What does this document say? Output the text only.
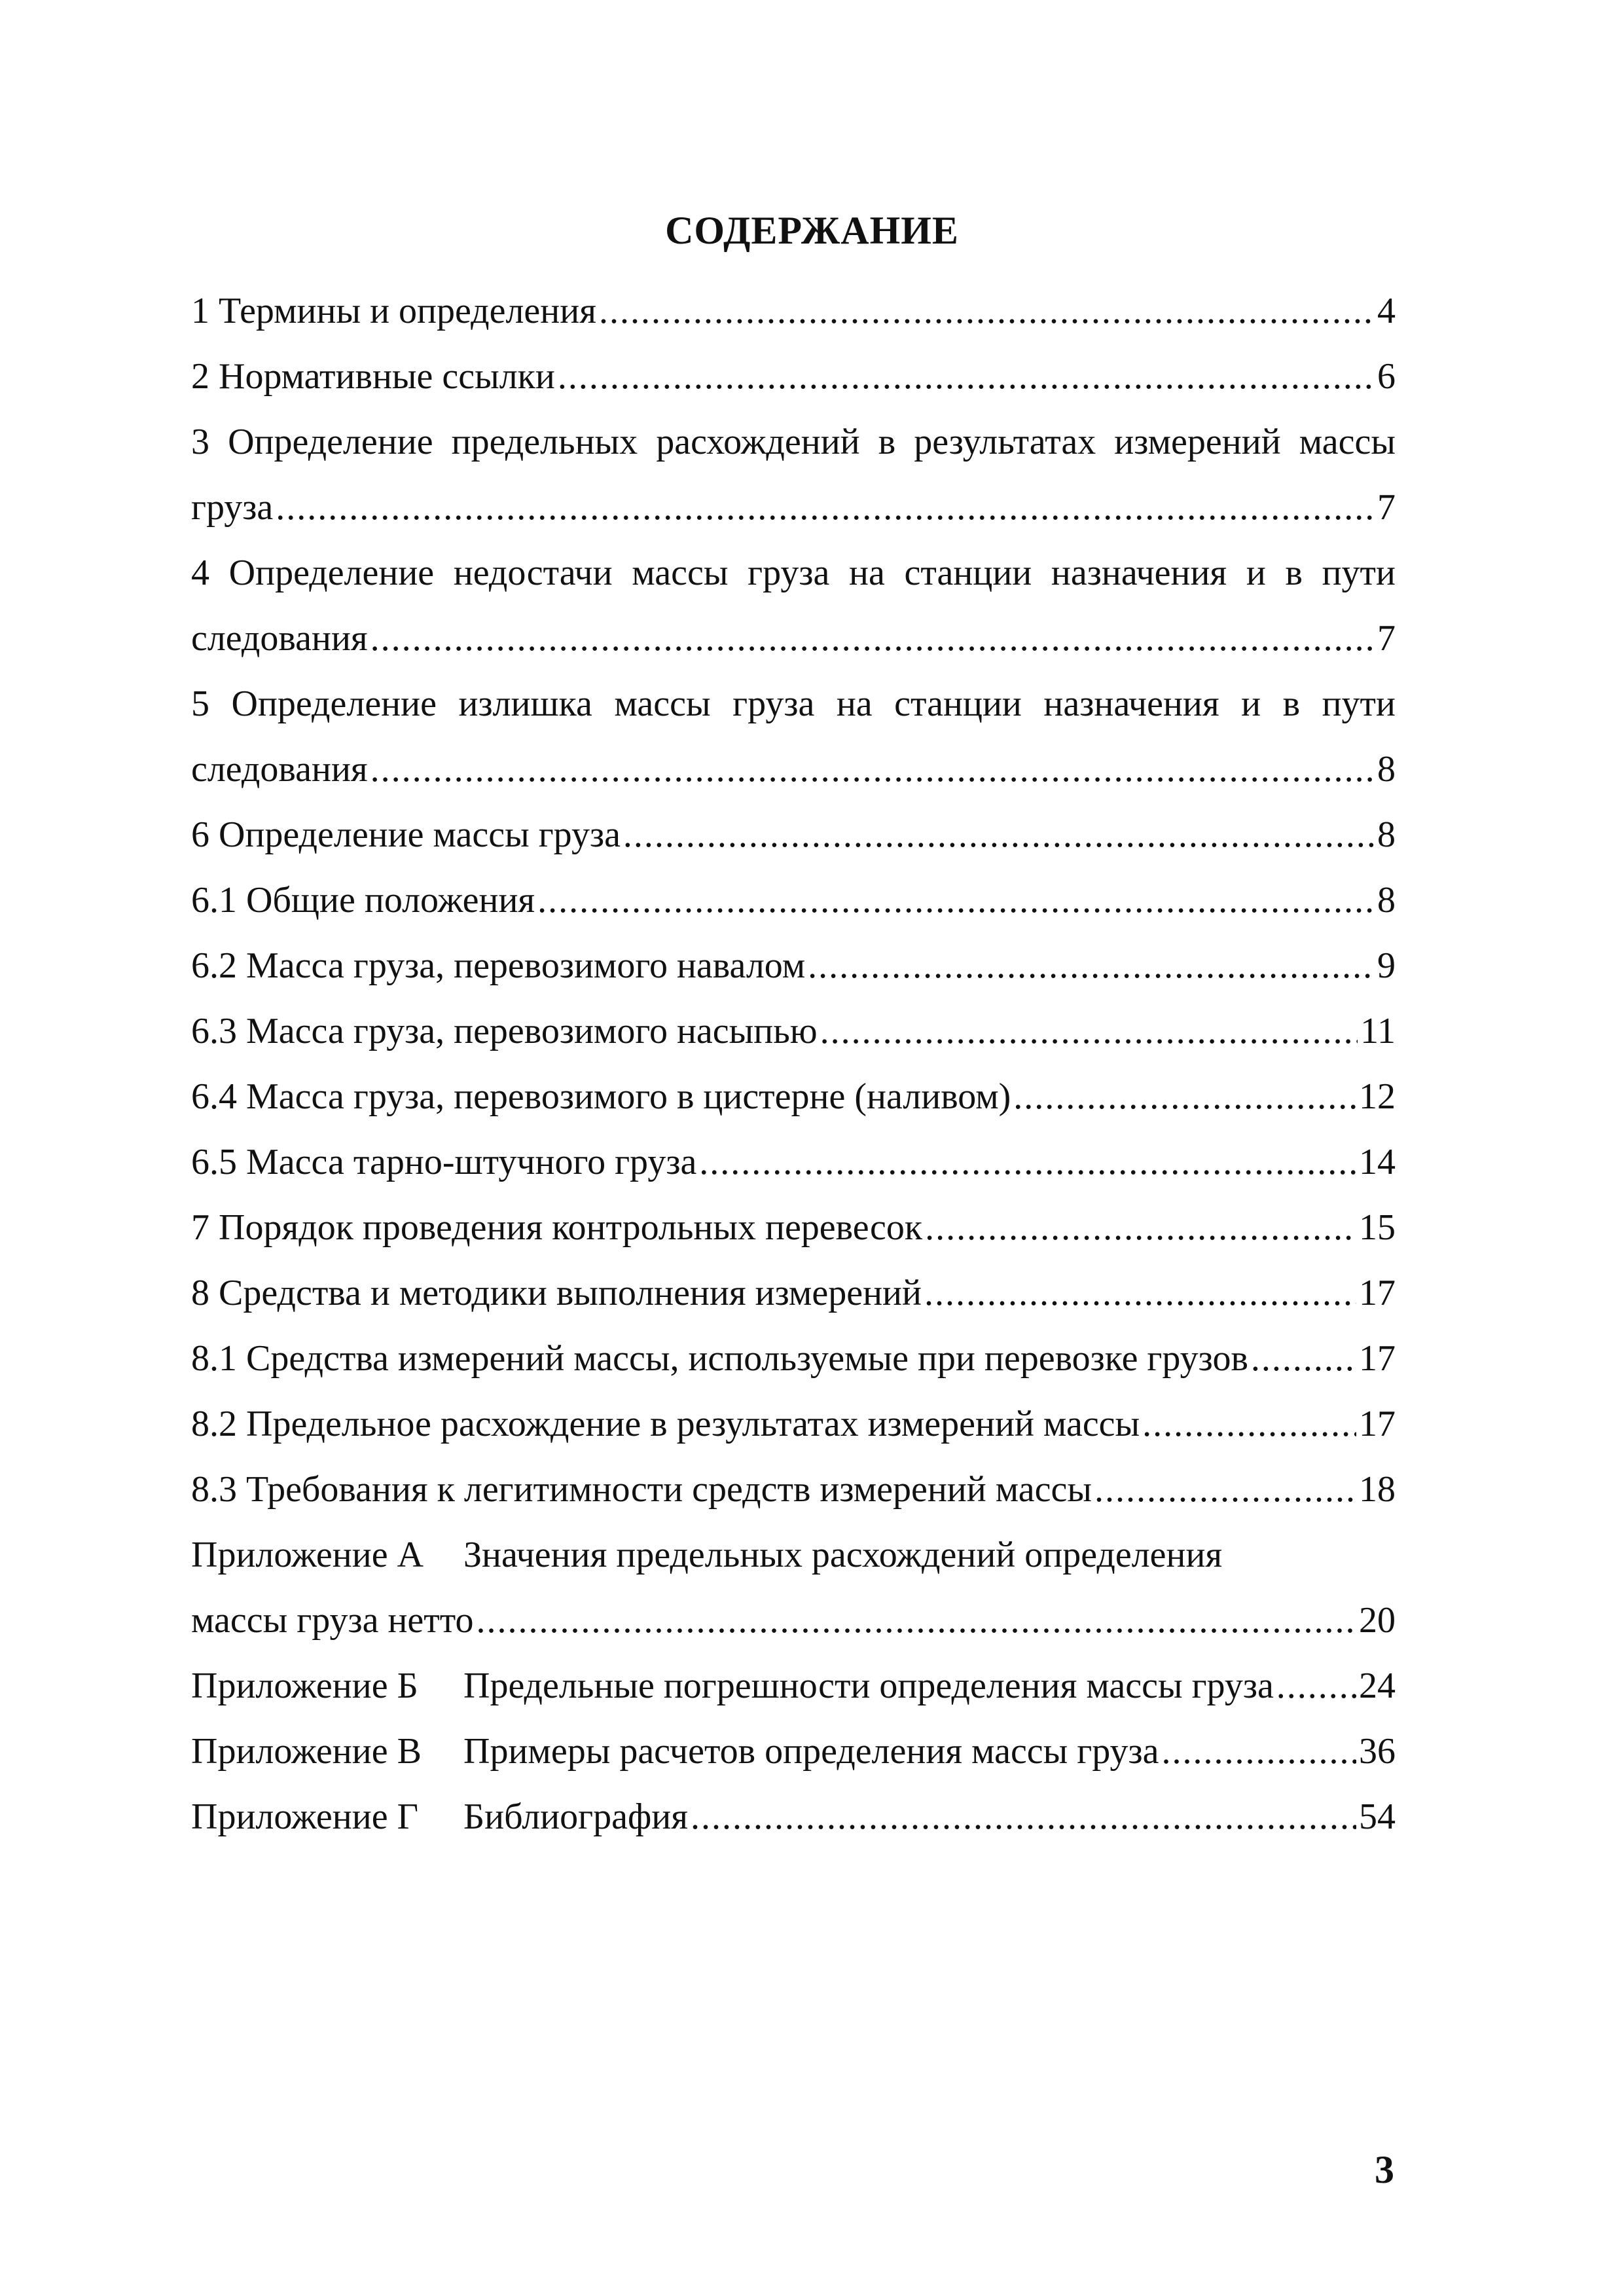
СОДЕРЖАНИЕ
1 Термины и определения .....	4
2 Нормативные ссылки .....	6
3 Определение предельных расхождений в результатах измерений массы
груза .....	7
4 Определение недостачи массы груза на станции назначения и в пути
следования .....	7
5 Определение излишка массы груза на станции назначения и в пути
следования .....	8
6 Определение массы груза .....	8
6.1 Общие положения .....	8
6.2 Масса груза, перевозимого навалом .....	9
6.3 Масса груза, перевозимого насыпью .....	11
6.4 Масса груза, перевозимого в цистерне (наливом) .....	12
6.5 Масса тарно-штучного груза .....	14
7 Порядок проведения контрольных перевесок .....	15
8 Средства и методики выполнения измерений .....	17
8.1 Средства измерений массы, используемые при перевозке грузов .....	17
8.2 Предельное расхождение в результатах измерений массы .....	17
8.3 Требования к легитимности средств измерений массы .....	18
Приложение А Значения предельных расхождений определения
массы груза нетто .....	20
Приложение Б	Предельные погрешности определения массы груза ..... 24
Приложение В	Примеры расчетов определения массы груза .....	36
Приложение Г	Библиография .....	54
3
